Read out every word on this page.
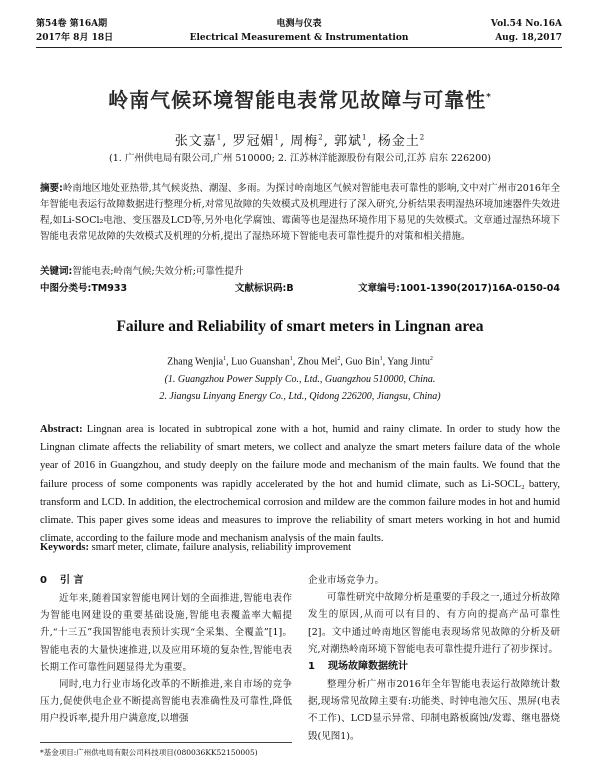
第54卷 第16A期
2017年 8月 18日
电测与仪表
Electrical Measurement & Instrumentation
Vol.54 No.16A
Aug. 18,2017
岭南气候环境智能电表常见故障与可靠性*
张文嘉$^1$, 罗冠媚$^1$, 周梅$^2$, 郭斌$^1$, 杨金土$^2$
(1. 广州供电局有限公司,广州 510000; 2. 江苏林洋能源股份有限公司,江苏 启东 226200)
摘要:岭南地区地处亚热带,其气候炎热、潮湿、多雨。为探讨岭南地区气候对智能电表可靠性的影响,文中对广州市2016年全年智能电表运行故障数据进行整理分析,对常见故障的失效模式及机理进行了深入研究,分析结果表明湿热环境加速器件失效进程,如Li-SOCl₂电池、变压器及LCD等,另外电化学腐蚀、霉菌等也是湿热环境作用下易见的失效模式。文章通过湿热环境下智能电表常见故障的失效模式及机理的分析,提出了湿热环境下智能电表可靠性提升的对策和相关措施。
关键词:智能电表;岭南气候;失效分析;可靠性提升
中图分类号:TM933	文献标识码:B	文章编号:1001-1390(2017)16A-0150-04
Failure and Reliability of smart meters in Lingnan area
Zhang Wenjia$^1$, Luo Guanshan$^1$, Zhou Mei$^2$, Guo Bin$^1$, Yang Jintu$^2$
(1. Guangzhou Power Supply Co., Ltd., Guangzhou 510000, China.
2. Jiangsu Linyang Energy Co., Ltd., Qidong 226200, Jiangsu, China)
Abstract: Lingnan area is located in subtropical zone with a hot, humid and rainy climate. In order to study how the Lingnan climate affects the reliability of smart meters, we collect and analyze the smart meters failure data of the whole year of 2016 in Guangzhou, and study deeply on the failure mode and mechanism of the main faults. We found that the failure process of some components was rapidly accelerated by the hot and humid climate, such as Li-SOCL₂ battery, transform and LCD. In addition, the electrochemical corrosion and mildew are the common failure modes in hot and humid climate. This paper gives some ideas and measures to improve the reliability of smart meters working in hot and humid climate, according to the failure mode and mechanism analysis of the main faults.
Keywords: smart meter, climate, failure analysis, reliability improvement
0 引 言

近年来,随着国家智能电网计划的全面推进,智能电表作为智能电网建设的重要基础设施,智能电表覆盖率大幅提升,“十三五”我国智能电表预计实现“全采集、全覆盖”[1]。智能电表的大量快速推进,以及应用环境的复杂性,智能电表长期工作可靠性问题显得尤为重要。

同时,电力行业市场化改革的不断推进,来自市场的竞争压力,促使供电企业不断提高智能电表准确性及可靠性,降低用户投诉率,提升用户满意度,以增强

企业市场竞争力。

可靠性研究中故障分析是重要的手段之一,通过分析故障发生的原因,从而可以有目的、有方向的提高产品可靠性[2]。文中通过岭南地区智能电表现场常见故障的分析及研究,对潮热岭南环境下智能电表可靠性提升进行了初步探讨。

1 现场故障数据统计

整理分析广州市2016年全年智能电表运行故障统计数据,现场常见故障主要有:功能类、时钟电池欠压、黑屏(电表不工作)、LCD显示异常、印制电路板腐蚀/发霉、继电器烧毁(见图1)。

*基金项目:广州供电局有限公司科技项目(080036KK52150005)
